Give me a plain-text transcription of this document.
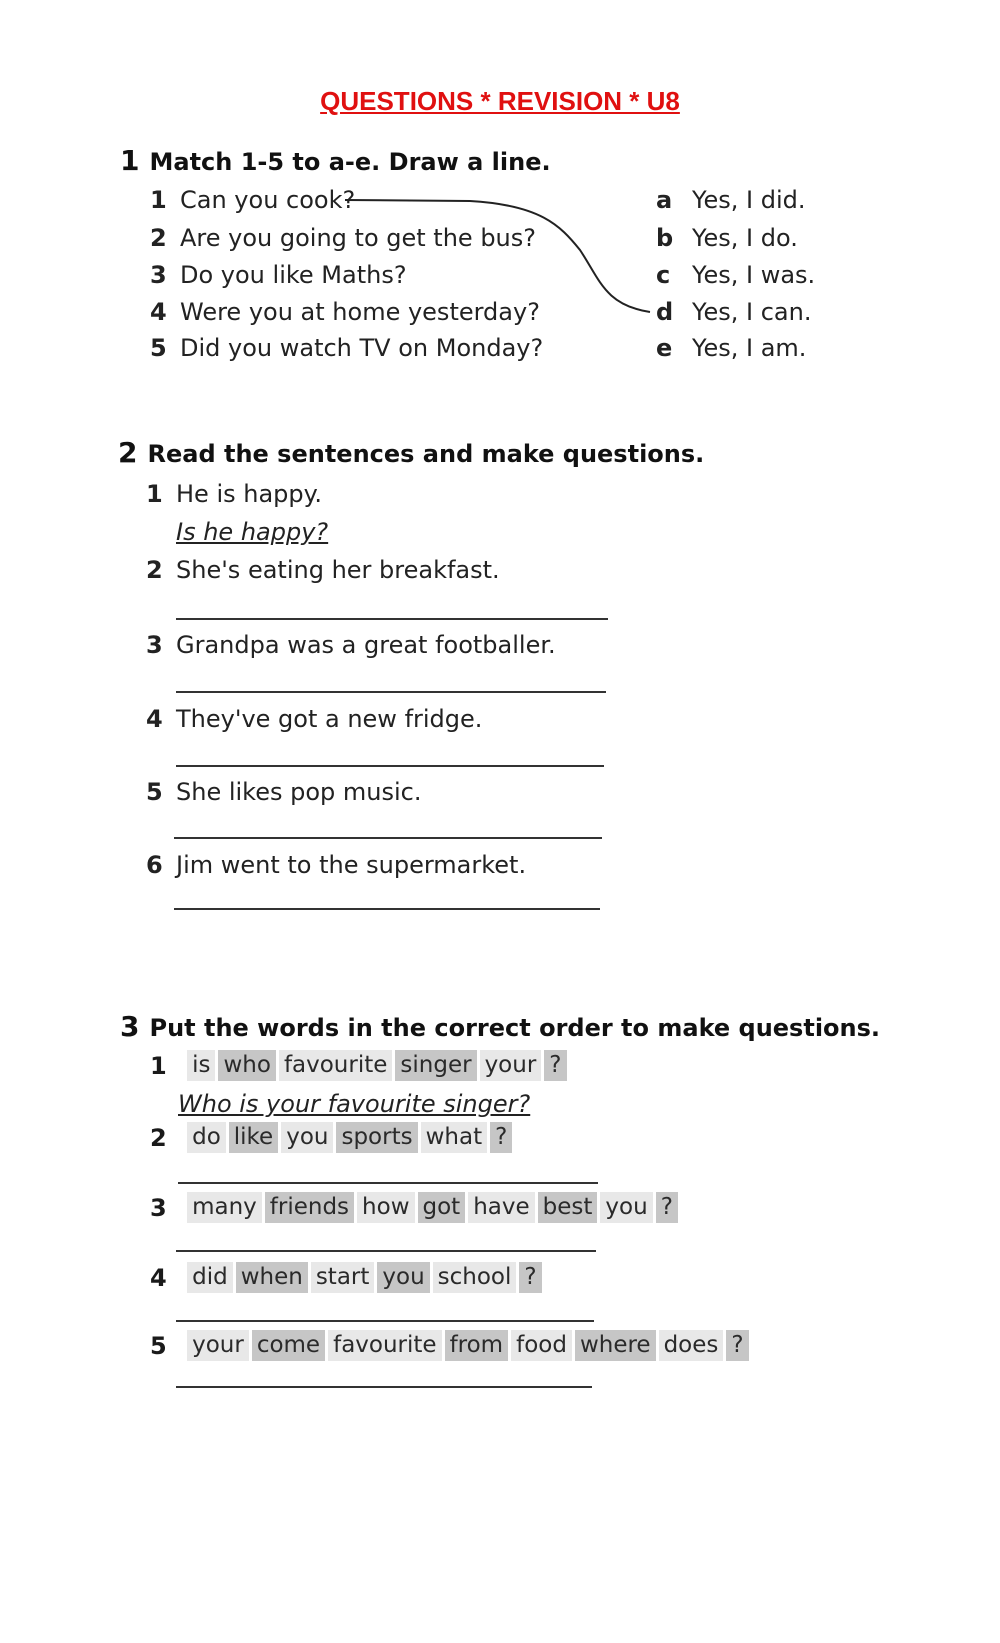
QUESTIONS * REVISION * U8
1 Match 1-5 to a-e. Draw a line.
1 Can you cook?
2 Are you going to get the bus?
3 Do you like Maths?
4 Were you at home yesterday?
5 Did you watch TV on Monday?
a Yes, I did.
b Yes, I do.
c Yes, I was.
d Yes, I can.
e Yes, I am.
2 Read the sentences and make questions.
1 He is happy.
Is he happy?
2 She's eating her breakfast.
3 Grandpa was a great footballer.
4 They've got a new fridge.
5 She likes pop music.
6 Jim went to the supermarket.
3 Put the words in the correct order to make questions.
1 is who favourite singer your ?
Who is your favourite singer?
2 do like you sports what ?
3 many friends how got have best you ?
4 did when start you school ?
5 your come favourite from food where does ?
